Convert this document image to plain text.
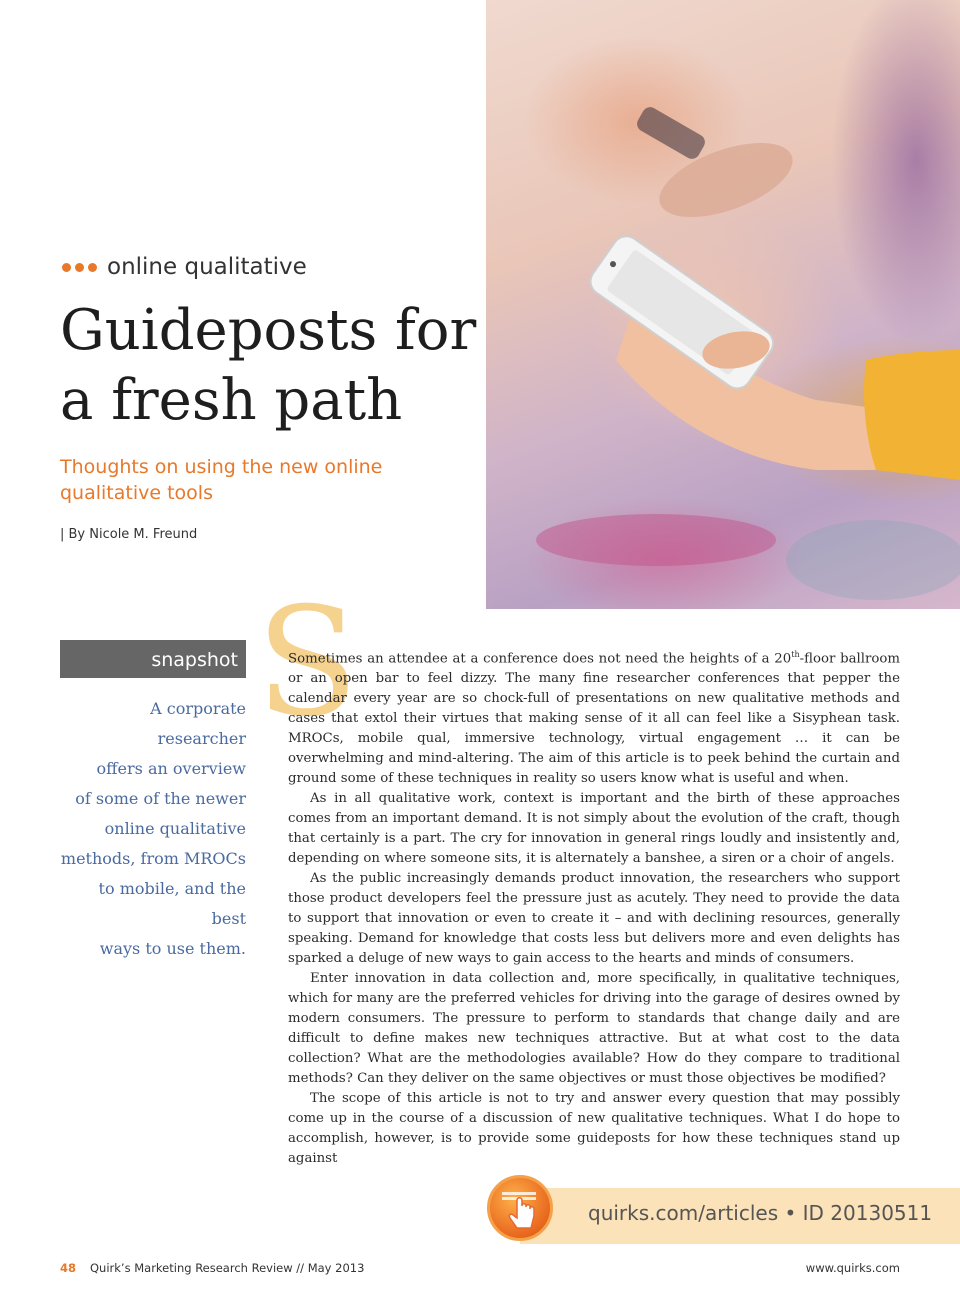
online qualitative
Guideposts for
a fresh path
Thoughts on using the new online
qualitative tools
| By Nicole M. Freund
snapshot
A corporate researcher
offers an overview
of some of the newer
online qualitative
methods, from MROCs
to mobile, and the best
ways to use them.
S

Sometimes an attendee at a conference does not need the heights of a 20th-floor ballroom or an open bar to feel dizzy. The many fine researcher conferences that pepper the calendar every year are so chock-full of presentations on new qualitative methods and cases that extol their virtues that making sense of it all can feel like a Sisyphean task. MROCs, mobile qual, immersive technology, virtual engagement … it can be overwhelming and mind-altering. The aim of this article is to peek behind the curtain and ground some of these techniques in reality so users know what is useful and when.

As in all qualitative work, context is important and the birth of these approaches comes from an important demand. It is not simply about the evolution of the craft, though that certainly is a part. The cry for innovation in general rings loudly and insistently and, depending on where someone sits, it is alternately a banshee, a siren or a choir of angels.

As the public increasingly demands product innovation, the researchers who support those product developers feel the pressure just as acutely. They need to provide the data to support that innovation or even to create it – and with declining resources, generally speaking. Demand for knowledge that costs less but delivers more and even delights has sparked a deluge of new ways to gain access to the hearts and minds of consumers.

Enter innovation in data collection and, more specifically, in qualitative techniques, which for many are the preferred vehicles for driving into the garage of desires owned by modern consumers. The pressure to perform to standards that change daily and are difficult to define makes new techniques attractive. But at what cost to the data collection? What are the methodologies available? How do they compare to traditional methods? Can they deliver on the same objectives or must those objectives be modified?

The scope of this article is not to try and answer every question that may possibly come up in the course of a discussion of new qualitative techniques. What I do hope to accomplish, however, is to provide some guideposts for how these techniques stand up against

quirks.com/articles • ID 20130511
48 Quirk’s Marketing Research Review // May 2013	www.quirks.com
